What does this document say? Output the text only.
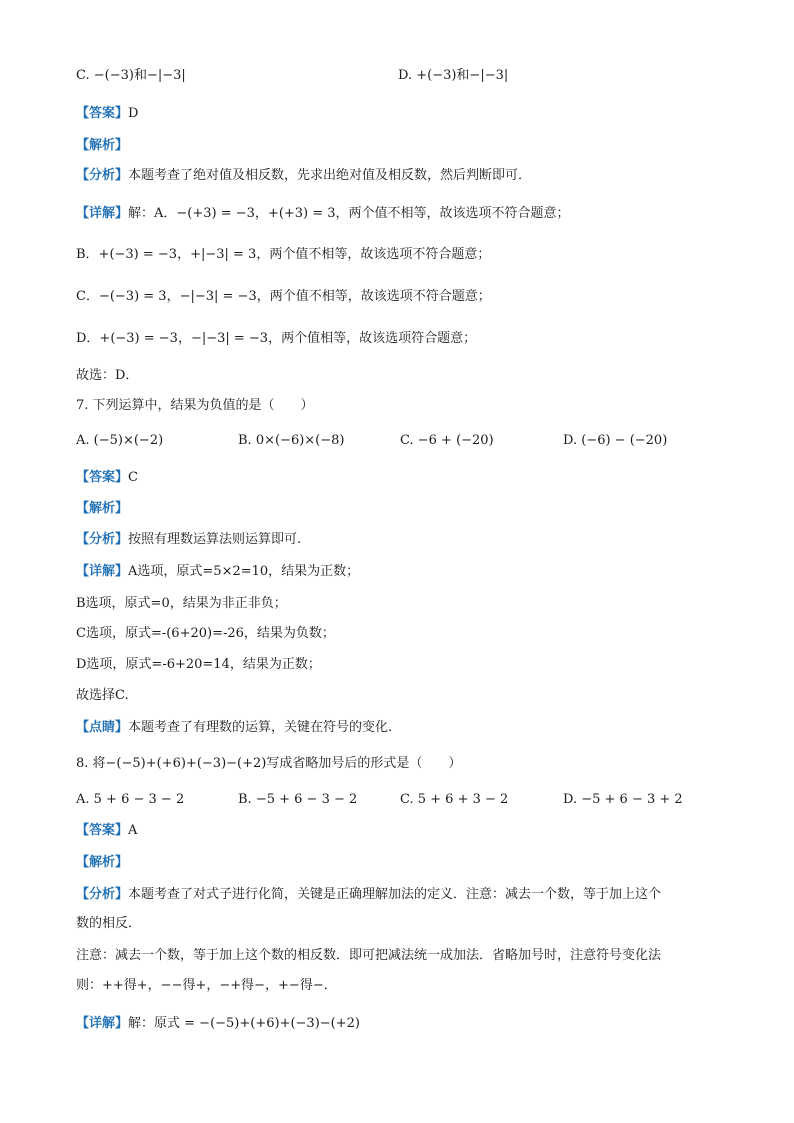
C. −(−3)和−|−3|	D. +(−3)和−|−3|
【答案】D
【解析】
【分析】本题考查了绝对值及相反数，先求出绝对值及相反数，然后判断即可．
【详解】解：A．−(+3) = −3，+(+3) = 3，两个值不相等，故该选项不符合题意；
B．+(−3) = −3，+|−3| = 3，两个值不相等，故该选项不符合题意；
C．−(−3) = 3，−|−3| = −3，两个值不相等，故该选项不符合题意；
D．+(−3) = −3，−|−3| = −3，两个值相等，故该选项符合题意；
故选：D．
7. 下列运算中，结果为负值的是（　　）
A. (−5)×(−2)	B. 0×(−6)×(−8)	C. −6 + (−20)	D. (−6) − (−20)
【答案】C
【解析】
【分析】按照有理数运算法则运算即可.
【详解】A选项，原式=5×2=10，结果为正数；
B选项，原式=0，结果为非正非负；
C选项，原式=-(6+20)=-26，结果为负数；
D选项，原式=-6+20=14，结果为正数；
故选择C.
【点睛】本题考查了有理数的运算，关键在符号的变化.
8. 将−(−5)+(+6)+(−3)−(+2)写成省略加号后的形式是（　　）
A. 5 + 6 − 3 − 2	B. −5 + 6 − 3 − 2	C. 5 + 6 + 3 − 2	D. −5 + 6 − 3 + 2
【答案】A
【解析】
【分析】本题考查了对式子进行化简，关键是正确理解加法的定义．注意：减去一个数，等于加上这个
数的相反．
注意：减去一个数，等于加上这个数的相反数．即可把减法统一成加法．省略加号时，注意符号变化法
则：++得+，−−得+，−+得−，+−得−．
【详解】解：原式 = −(−5)+(+6)+(−3)−(+2)
